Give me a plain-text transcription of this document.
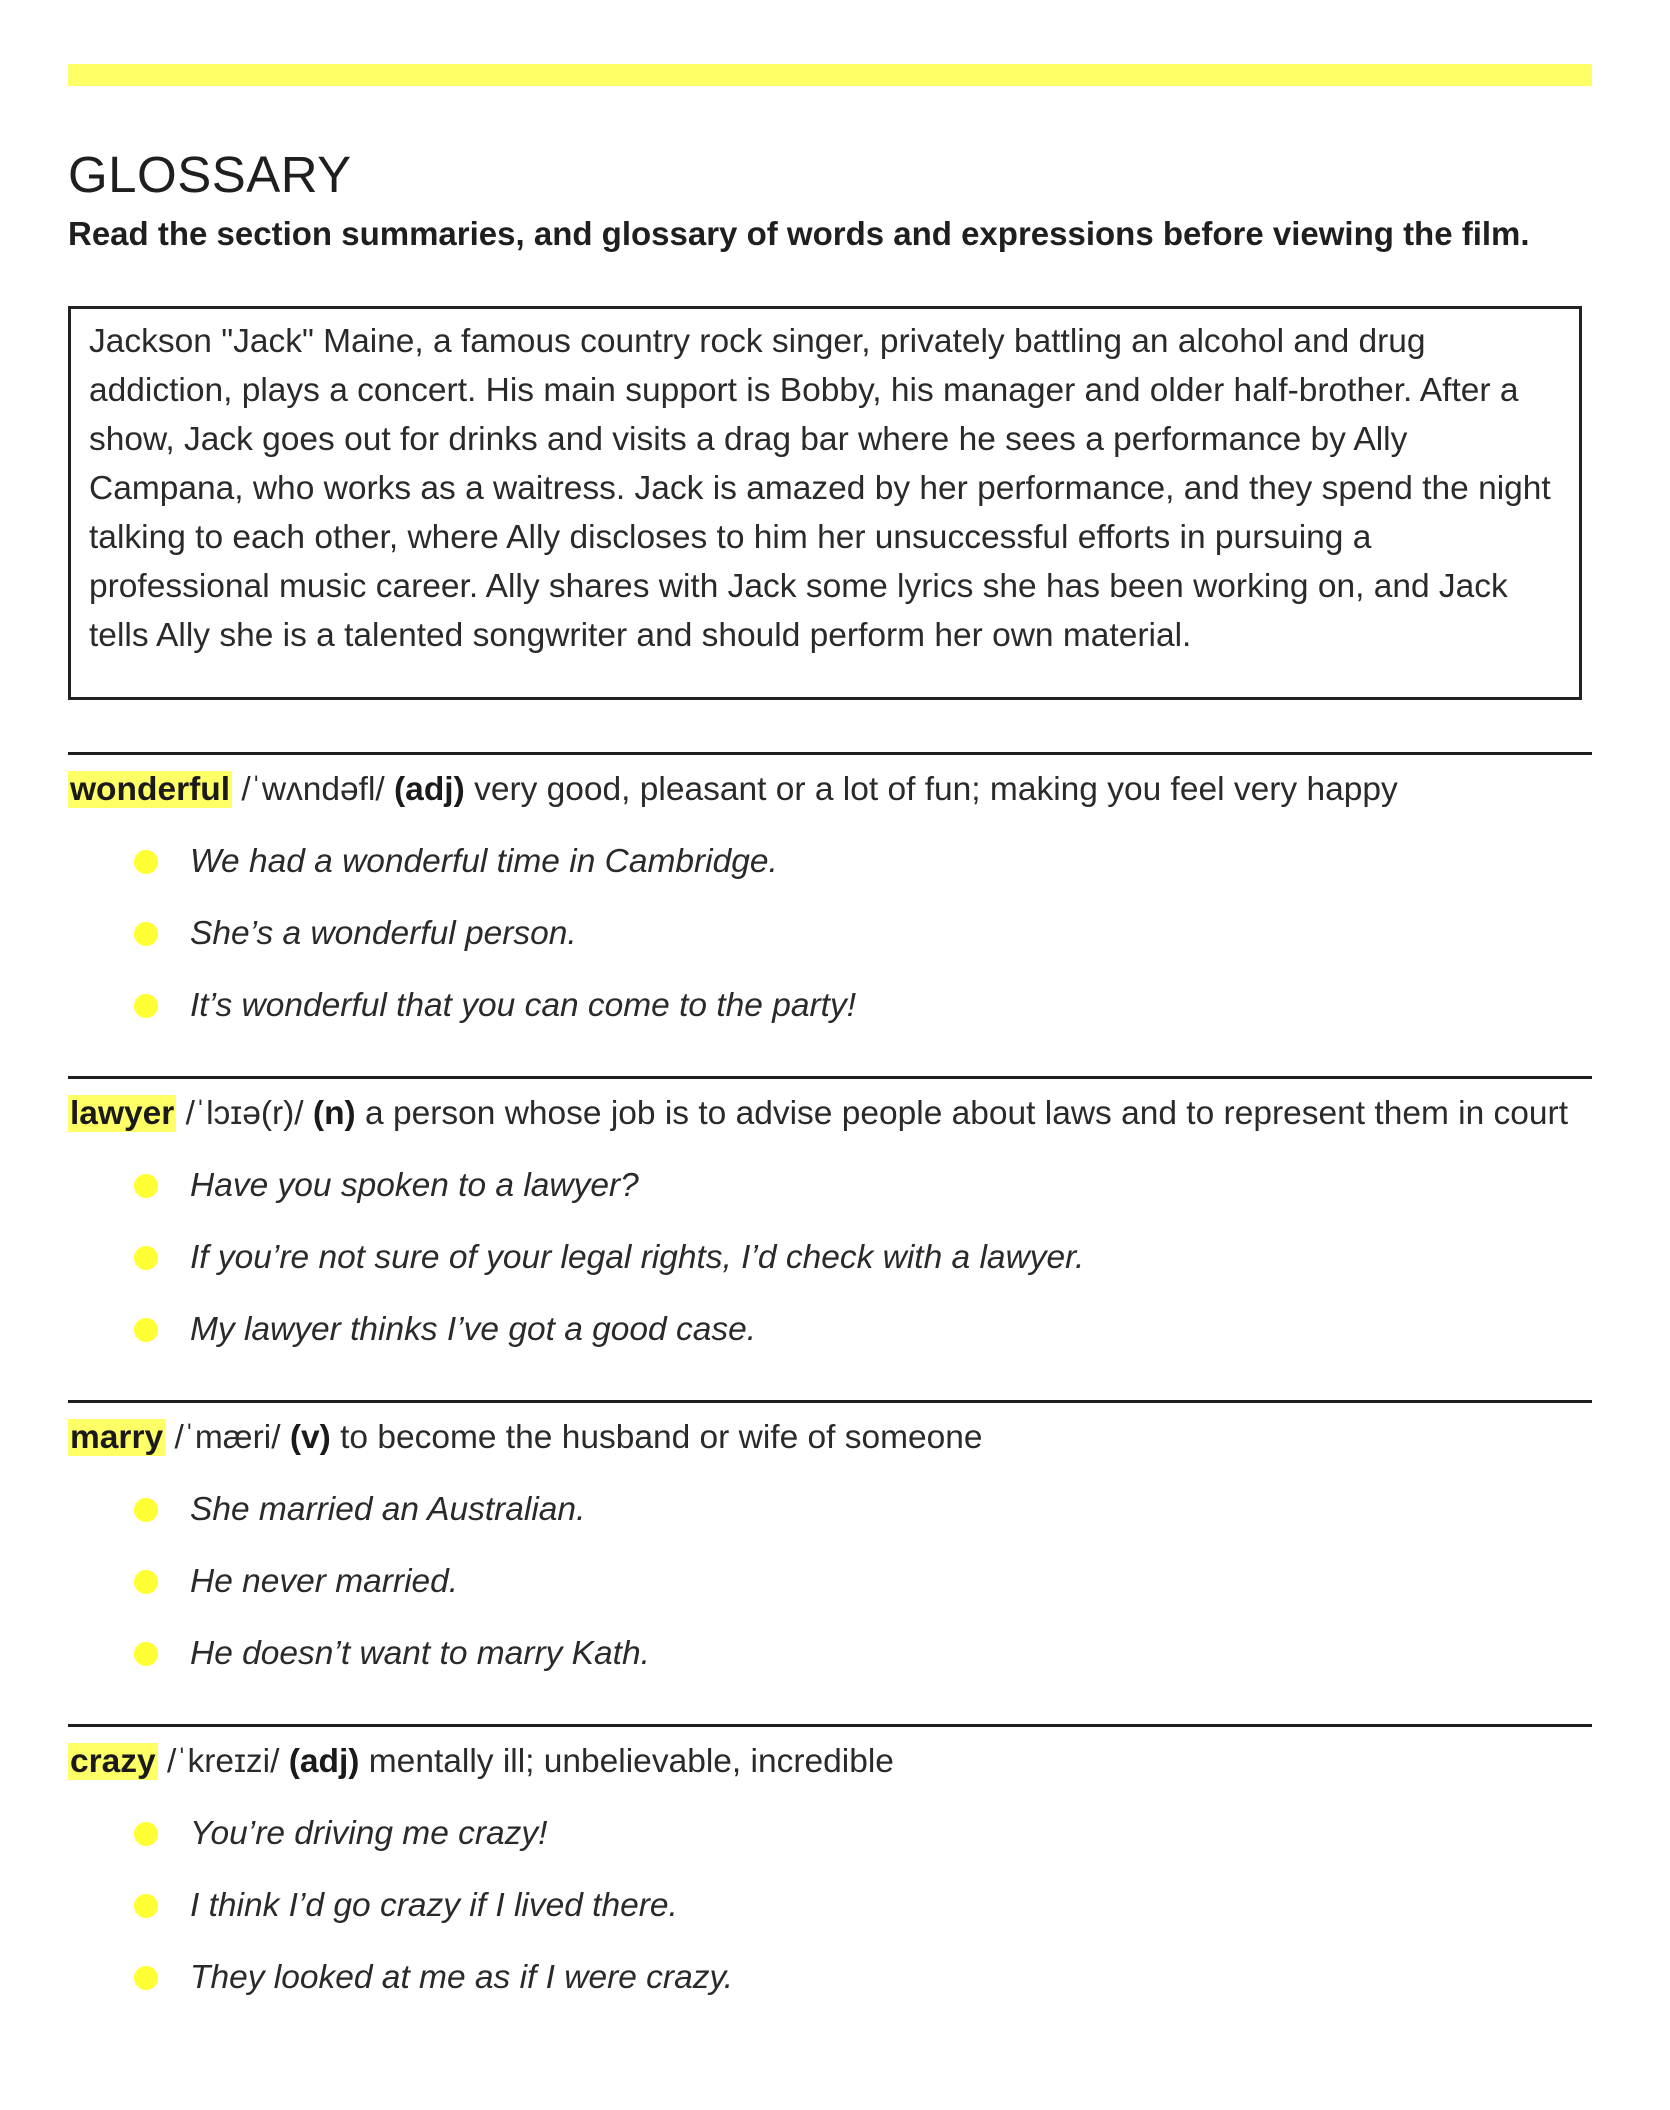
GLOSSARY

Read the section summaries, and glossary of words and expressions before viewing the film.

Jackson "Jack" Maine, a famous country rock singer, privately battling an alcohol and drug addiction, plays a concert. His main support is Bobby, his manager and older half-brother. After a show, Jack goes out for drinks and visits a drag bar where he sees a performance by Ally Campana, who works as a waitress. Jack is amazed by her performance, and they spend the night talking to each other, where Ally discloses to him her unsuccessful efforts in pursuing a professional music career. Ally shares with Jack some lyrics she has been working on, and Jack tells Ally she is a talented songwriter and should perform her own material.
wonderful /ˈwʌndəfl/ (adj) very good, pleasant or a lot of fun; making you feel very happy
We had a wonderful time in Cambridge.
She’s a wonderful person.
It’s wonderful that you can come to the party!
lawyer /ˈlɔɪə(r)/ (n) a person whose job is to advise people about laws and to represent them in court
Have you spoken to a lawyer?
If you’re not sure of your legal rights, I’d check with a lawyer.
My lawyer thinks I’ve got a good case.
marry /ˈmæri/ (v) to become the husband or wife of someone
She married an Australian.
He never married.
He doesn’t want to marry Kath.
crazy /ˈkreɪzi/ (adj) mentally ill; unbelievable, incredible
You’re driving me crazy!
I think I’d go crazy if I lived there.
They looked at me as if I were crazy.
